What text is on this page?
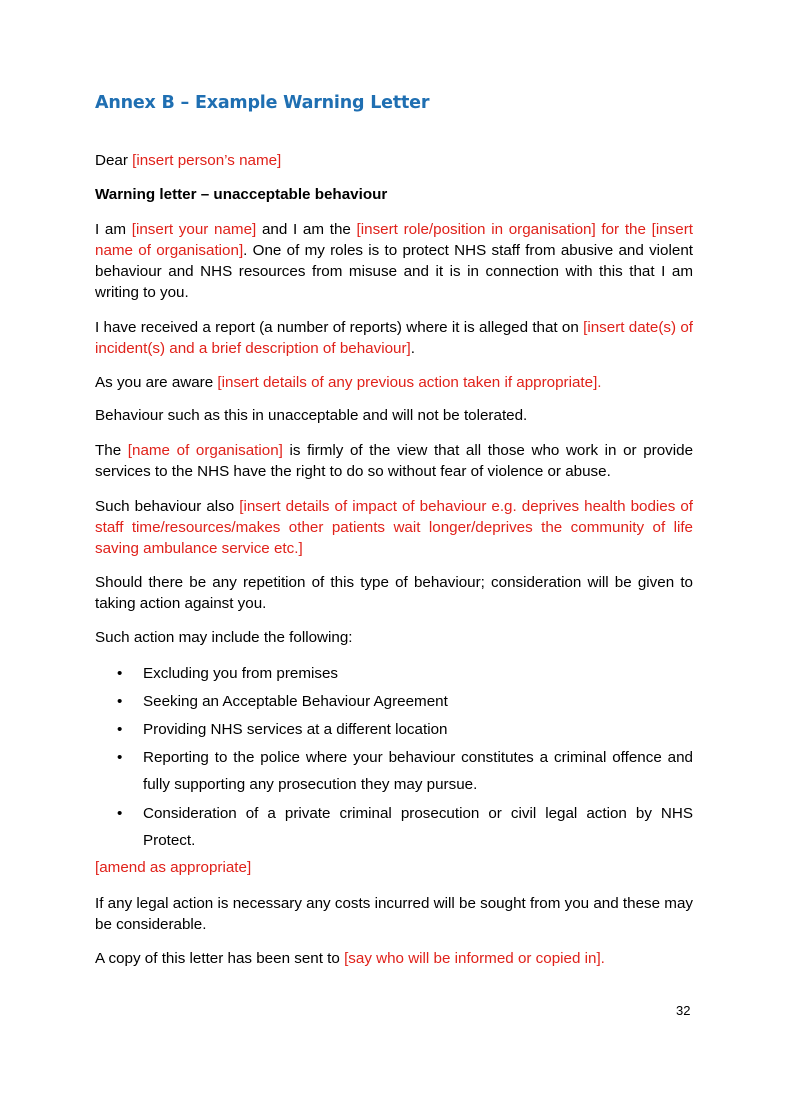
Annex B – Example Warning Letter

Dear [insert person’s name]

Warning letter – unacceptable behaviour

I am [insert your name] and I am the [insert role/position in organisation] for the [insert name of organisation]. One of my roles is to protect NHS staff from abusive and violent behaviour and NHS resources from misuse and it is in connection with this that I am writing to you.

I have received a report (a number of reports) where it is alleged that on [insert date(s) of incident(s) and a brief description of behaviour].

As you are aware [insert details of any previous action taken if appropriate].

Behaviour such as this in unacceptable and will not be tolerated.

The [name of organisation] is firmly of the view that all those who work in or provide services to the NHS have the right to do so without fear of violence or abuse.

Such behaviour also [insert details of impact of behaviour e.g. deprives health bodies of staff time/resources/makes other patients wait longer/deprives the community of life saving ambulance service etc.]

Should there be any repetition of this type of behaviour; consideration will be given to taking action against you.

Such action may include the following:

• Excluding you from premises
• Seeking an Acceptable Behaviour Agreement
• Providing NHS services at a different location
• Reporting to the police where your behaviour constitutes a criminal offence and fully supporting any prosecution they may pursue.
• Consideration of a private criminal prosecution or civil legal action by NHS Protect.

[amend as appropriate]

If any legal action is necessary any costs incurred will be sought from you and these may be considerable.

A copy of this letter has been sent to [say who will be informed or copied in].

32
